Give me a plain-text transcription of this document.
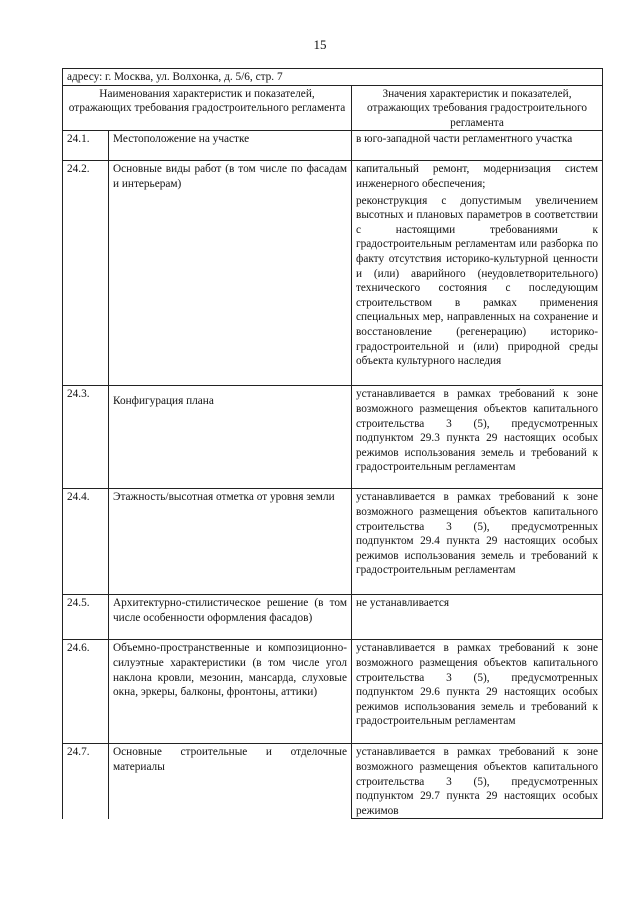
15
адресу: г. Москва, ул. Волхонка, д. 5/6, стр. 7		
Наименования характеристик и показателей, отражающих требования градостроительного регламента		Значения характеристик и показателей, отражающих требования градостроительного регламента
24.1.	Местоположение на участке	в юго-западной части регламентного участка

24.2.	Основные виды работ (в том числе по фасадам и интерьерам)	капитальный ремонт, модернизация систем инженерного обеспечения;
реконструкция с допустимым увеличением высотных и плановых параметров в соответствии с настоящими требованиями к градостроительным регламентам или разборка по факту отсутствия историко-культурной ценности и (или) аварийного (неудовлетворительного) технического состояния с последующим строительством в рамках применения специальных мер, направленных на сохранение и восстановление (регенерацию) историко-градостроительной и (или) природной среды объекта культурного наследия

24.3.	Конфигурация плана	устанавливается в рамках требований к зоне возможного размещения объектов капитального строительства 3 (5), предусмотренных подпунктом 29.3 пункта 29 настоящих особых режимов использования земель и требований к градостроительным регламентам

24.4.	Этажность/высотная отметка от уровня земли	устанавливается в рамках требований к зоне возможного размещения объектов капитального строительства 3 (5), предусмотренных подпунктом 29.4 пункта 29 настоящих особых режимов использования земель и требований к градостроительным регламентам

24.5.	Архитектурно-стилистическое решение (в том числе особенности оформления фасадов)	не устанавливается

24.6.	Объемно-пространственные и композиционно-силуэтные характеристики (в том числе угол наклона кровли, мезонин, мансарда, слуховые окна, эркеры, балконы, фронтоны, аттики)	устанавливается в рамках требований к зоне возможного размещения объектов капитального строительства 3 (5), предусмотренных подпунктом 29.6 пункта 29 настоящих особых режимов использования земель и требований к градостроительным регламентам

24.7.	Основные строительные и отделочные материалы	устанавливается в рамках требований к зоне возможного размещения объектов капитального строительства 3 (5), предусмотренных подпунктом 29.7 пункта 29 настоящих особых режимов
